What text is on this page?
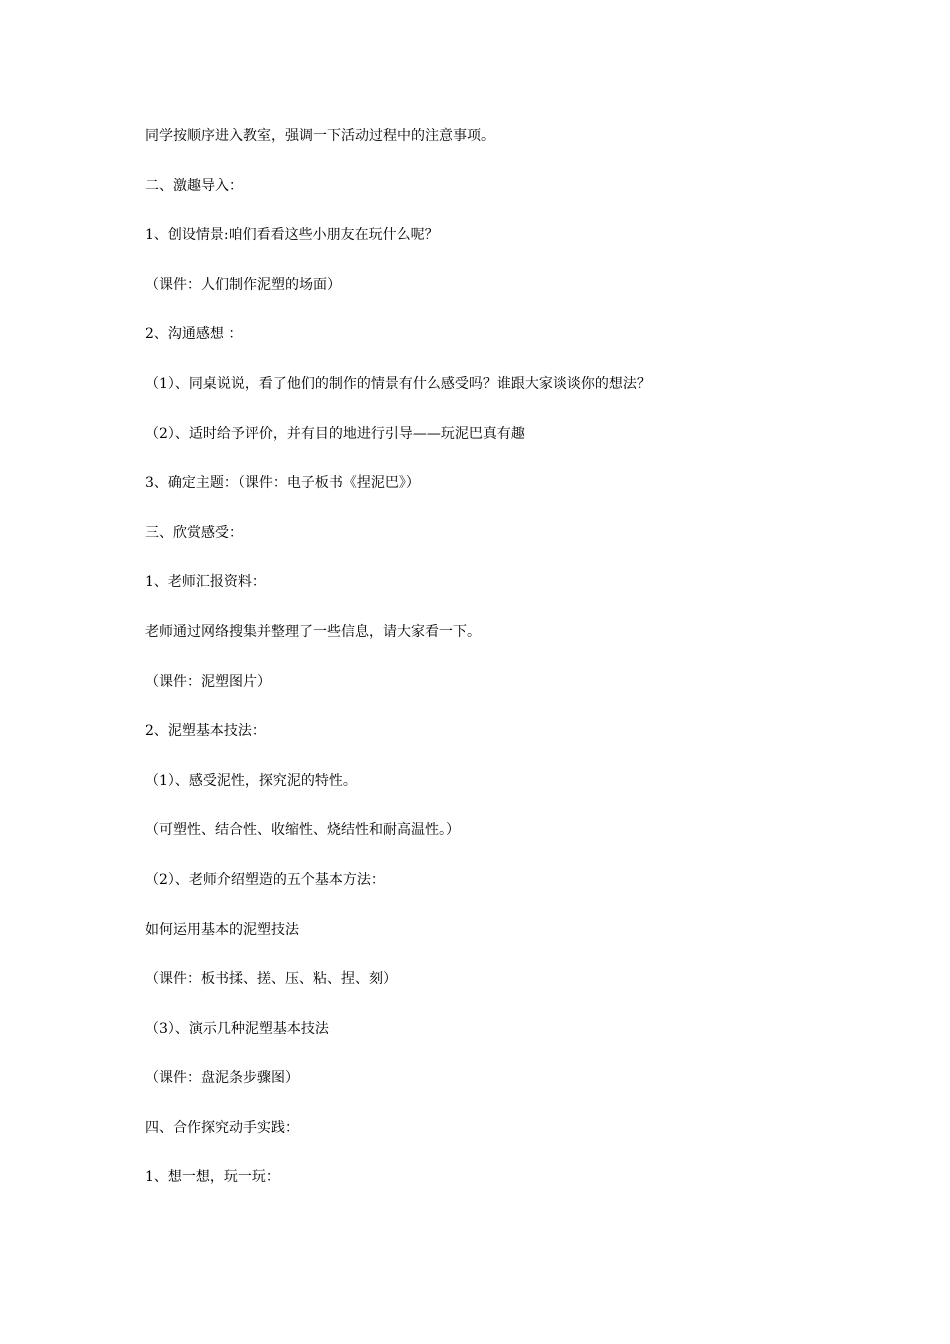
同学按顺序进入教室，强调一下活动过程中的注意事项。

二、激趣导入：

1、创设情景:咱们看看这些小朋友在玩什么呢？

（课件：人们制作泥塑的场面）

2、沟通感想 ：

（1）、同桌说说，看了他们的制作的情景有什么感受吗？谁跟大家谈谈你的想法？

（2）、适时给予评价，并有目的地进行引导——玩泥巴真有趣

3、确定主题：（课件：电子板书《捏泥巴》）

三、欣赏感受：

1、老师汇报资料：

老师通过网络搜集并整理了一些信息，请大家看一下。

（课件：泥塑图片）

2、泥塑基本技法：

（1）、感受泥性，探究泥的特性。

（可塑性、结合性、收缩性、烧结性和耐高温性。）

（2）、老师介绍塑造的五个基本方法：

如何运用基本的泥塑技法

（课件：板书揉、搓、压、粘、捏、刻）

（3）、演示几种泥塑基本技法

（课件：盘泥条步骤图）

四、合作探究动手实践：

1、想一想，玩一玩：
